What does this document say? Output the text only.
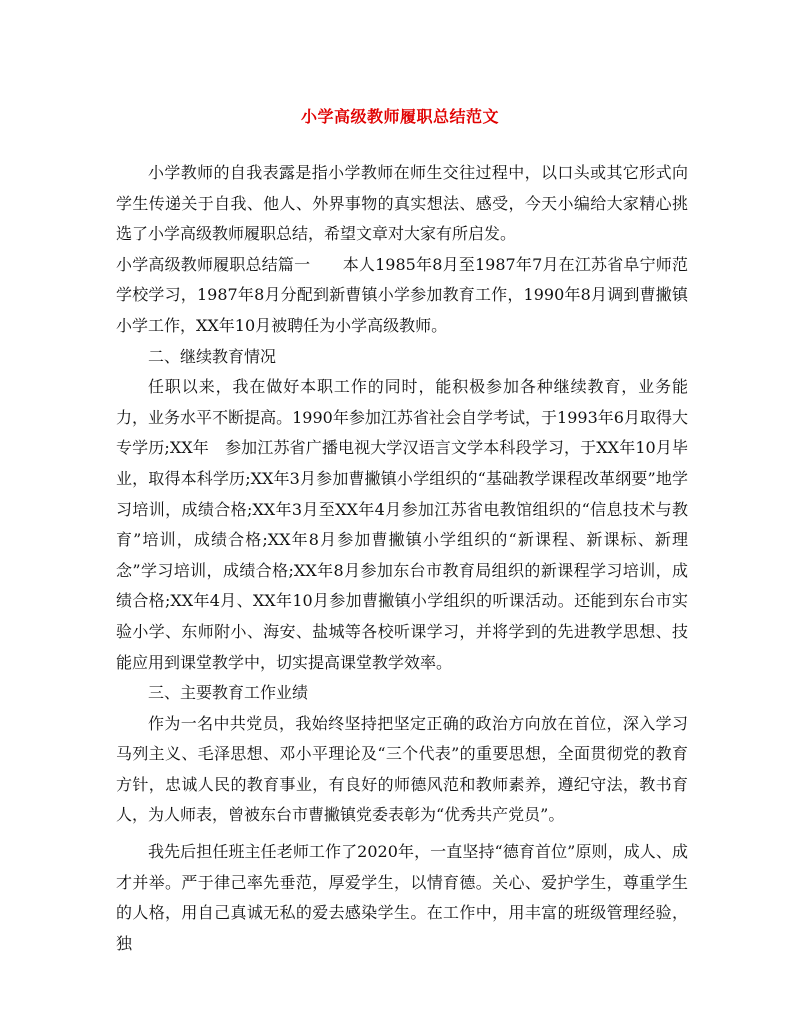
小学高级教师履职总结范文

小学教师的自我表露是指小学教师在师生交往过程中，以口头或其它形式向学生传递关于自我、他人、外界事物的真实想法、感受，今天小编给大家精心挑选了小学高级教师履职总结，希望文章对大家有所启发。

小学高级教师履职总结篇一　　本人1985年8月至1987年7月在江苏省阜宁师范学校学习，1987年8月分配到新曹镇小学参加教育工作，1990年8月调到曹撇镇小学工作，XX年10月被聘任为小学高级教师。

二、继续教育情况

任职以来，我在做好本职工作的同时，能积极参加各种继续教育，业务能力，业务水平不断提高。1990年参加江苏省社会自学考试，于1993年6月取得大专学历;XX年　参加江苏省广播电视大学汉语言文学本科段学习，于XX年10月毕业，取得本科学历;XX年3月参加曹撇镇小学组织的“基础教学课程改革纲要”地学习培训，成绩合格;XX年3月至XX年4月参加江苏省电教馆组织的“信息技术与教育”培训，成绩合格;XX年8月参加曹撇镇小学组织的“新课程、新课标、新理念”学习培训，成绩合格;XX年8月参加东台市教育局组织的新课程学习培训，成绩合格;XX年4月、XX年10月参加曹撇镇小学组织的听课活动。还能到东台市实验小学、东师附小、海安、盐城等各校听课学习，并将学到的先进教学思想、技能应用到课堂教学中，切实提高课堂教学效率。

三、主要教育工作业绩

作为一名中共党员，我始终坚持把坚定正确的政治方向放在首位，深入学习马列主义、毛泽思想、邓小平理论及“三个代表”的重要思想，全面贯彻党的教育方针，忠诚人民的教育事业，有良好的师德风范和教师素养，遵纪守法，教书育人，为人师表，曾被东台市曹撇镇党委表彰为“优秀共产党员”。

我先后担任班主任老师工作了2020年，一直坚持“德育首位”原则，成人、成才并举。严于律己率先垂范，厚爱学生，以情育德。关心、爱护学生，尊重学生的人格，用自己真诚无私的爱去感染学生。在工作中，用丰富的班级管理经验，独
